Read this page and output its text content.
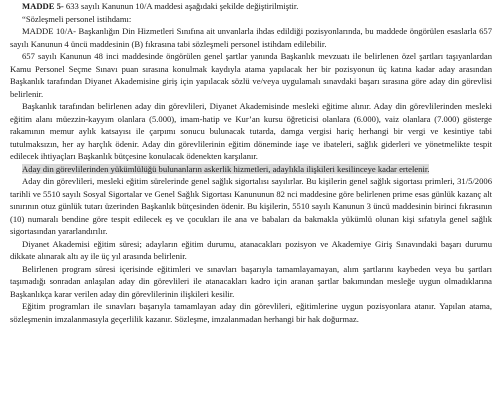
MADDE 5- 633 sayılı Kanunun 10/A maddesi aşağıdaki şekilde değiştirilmiştir.

“Sözleşmeli personel istihdamı:

MADDE 10/A- Başkanlığın Din Hizmetleri Sınıfına ait unvanlarla ihdas edildiği pozisyonlarında, bu maddede öngörülen esaslarla 657 sayılı Kanunun 4 üncü maddesinin (B) fıkrasına tabi sözleşmeli personel istihdam edilebilir.

657 sayılı Kanunun 48 inci maddesinde öngörülen genel şartlar yanında Başkanlık mevzuatı ile belirlenen özel şartları taşıyanlardan Kamu Personel Seçme Sınavı puan sırasına konulmak kaydıyla atama yapılacak her bir pozisyonun üç katına kadar aday arasından Başkanlık tarafından Diyanet Akademisine giriş için yapılacak sözlü ve/veya uygulamalı sınavdaki başarı sırasına göre aday din görevlisi belirlenir.

Başkanlık tarafından belirlenen aday din görevlileri, Diyanet Akademisinde mesleki eğitime alınır. Aday din görevlilerinden mesleki eğitim alanı müezzin-kayyım olanlara (5.000), imam-hatip ve Kur’an kursu öğreticisi olanlara (6.000), vaiz olanlara (7.000) gösterge rakamının memur aylık katsayısı ile çarpımı sonucu bulunacak tutarda, damga vergisi hariç herhangi bir vergi ve kesintiye tabi tutulmaksızın, her ay harçlık ödenir. Aday din görevlilerinin eğitim döneminde iaşe ve ibateleri, sağlık giderleri ve yönetmelikte tespit edilecek ihtiyaçları Başkanlık bütçesine konulacak ödenekten karşılanır.

Aday din görevlilerinden yükümlülüğü bulunanların askerlik hizmetleri, adaylıkla ilişkileri kesilinceye kadar ertelenir.

Aday din görevlileri, mesleki eğitim sürelerinde genel sağlık sigortalısı sayılırlar. Bu kişilerin genel sağlık sigortası primleri, 31/5/2006 tarihli ve 5510 sayılı Sosyal Sigortalar ve Genel Sağlık Sigortası Kanununun 82 nci maddesine göre belirlenen prime esas günlük kazanç alt sınırının otuz günlük tutarı üzerinden Başkanlık bütçesinden ödenir. Bu kişilerin, 5510 sayılı Kanunun 3 üncü maddesinin birinci fıkrasının (10) numaralı bendine göre tespit edilecek eş ve çocukları ile ana ve babaları da bakmakla yükümlü olunan kişi sıfatıyla genel sağlık sigortasından yararlandırılır.

Diyanet Akademisi eğitim süresi; adayların eğitim durumu, atanacakları pozisyon ve Akademiye Giriş Sınavındaki başarı durumu dikkate alınarak altı ay ile üç yıl arasında belirlenir.

Belirlenen program süresi içerisinde eğitimleri ve sınavları başarıyla tamamlayamayan, alım şartlarını kaybeden veya bu şartları taşımadığı sonradan anlaşılan aday din görevlileri ile atanacakları kadro için aranan şartlar bakımından mesleğe uygun olmadıklarına Başkanlıkça karar verilen aday din görevlilerinin ilişkileri kesilir.

Eğitim programları ile sınavları başarıyla tamamlayan aday din görevlileri, eğitimlerine uygun pozisyonlara atanır. Yapılan atama, sözleşmenin imzalanmasıyla geçerlilik kazanır. Sözleşme, imzalanmadan herhangi bir hak doğurmaz.
